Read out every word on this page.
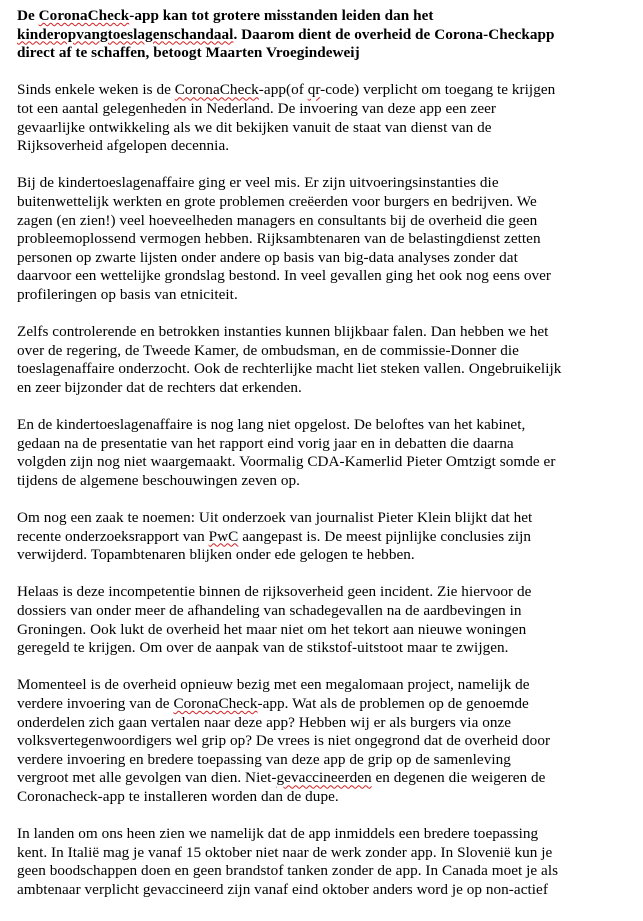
De CoronaCheck-app kan tot grotere misstanden leiden dan het
kinderopvangtoeslagenschandaal. Daarom dient de overheid de Corona-Checkapp
direct af te schaffen, betoogt Maarten Vroegindeweij
Sinds enkele weken is de CoronaCheck-app(of qr-code) verplicht om toegang te krijgen
tot een aantal gelegenheden in Nederland. De invoering van deze app een zeer
gevaarlijke ontwikkeling als we dit bekijken vanuit de staat van dienst van de
Rijksoverheid afgelopen decennia.
Bij de kindertoeslagenaffaire ging er veel mis. Er zijn uitvoeringsinstanties die
buitenwettelijk werkten en grote problemen creëerden voor burgers en bedrijven. We
zagen (en zien!) veel hoeveelheden managers en consultants bij de overheid die geen
probleemoplossend vermogen hebben. Rijksambtenaren van de belastingdienst zetten
personen op zwarte lijsten onder andere op basis van big-data analyses zonder dat
daarvoor een wettelijke grondslag bestond. In veel gevallen ging het ook nog eens over
profileringen op basis van etniciteit.
Zelfs controlerende en betrokken instanties kunnen blijkbaar falen. Dan hebben we het
over de regering, de Tweede Kamer, de ombudsman, en de commissie-Donner die
toeslagenaffaire onderzocht. Ook de rechterlijke macht liet steken vallen. Ongebruikelijk
en zeer bijzonder dat de rechters dat erkenden.
En de kindertoeslagenaffaire is nog lang niet opgelost. De beloftes van het kabinet,
gedaan na de presentatie van het rapport eind vorig jaar en in debatten die daarna
volgden zijn nog niet waargemaakt. Voormalig CDA-Kamerlid Pieter Omtzigt somde er
tijdens de algemene beschouwingen zeven op.
Om nog een zaak te noemen: Uit onderzoek van journalist Pieter Klein blijkt dat het
recente onderzoeksrapport van PwC aangepast is. De meest pijnlijke conclusies zijn
verwijderd. Topambtenaren blijken onder ede gelogen te hebben.
Helaas is deze incompetentie binnen de rijksoverheid geen incident. Zie hiervoor de
dossiers van onder meer de afhandeling van schadegevallen na de aardbevingen in
Groningen. Ook lukt de overheid het maar niet om het tekort aan nieuwe woningen
geregeld te krijgen. Om over de aanpak van de stikstof-uitstoot maar te zwijgen.
Momenteel is de overheid opnieuw bezig met een megalomaan project, namelijk de
verdere invoering van de CoronaCheck-app. Wat als de problemen op de genoemde
onderdelen zich gaan vertalen naar deze app? Hebben wij er als burgers via onze
volksvertegenwoordigers wel grip op? De vrees is niet ongegrond dat de overheid door
verdere invoering en bredere toepassing van deze app de grip op de samenleving
vergroot met alle gevolgen van dien. Niet-gevaccineerden en degenen die weigeren de
Coronacheck-app te installeren worden dan de dupe.
In landen om ons heen zien we namelijk dat de app inmiddels een bredere toepassing
kent. In Italië mag je vanaf 15 oktober niet naar de werk zonder app. In Slovenië kun je
geen boodschappen doen en geen brandstof tanken zonder de app. In Canada moet je als
ambtenaar verplicht gevaccineerd zijn vanaf eind oktober anders word je op non-actief
